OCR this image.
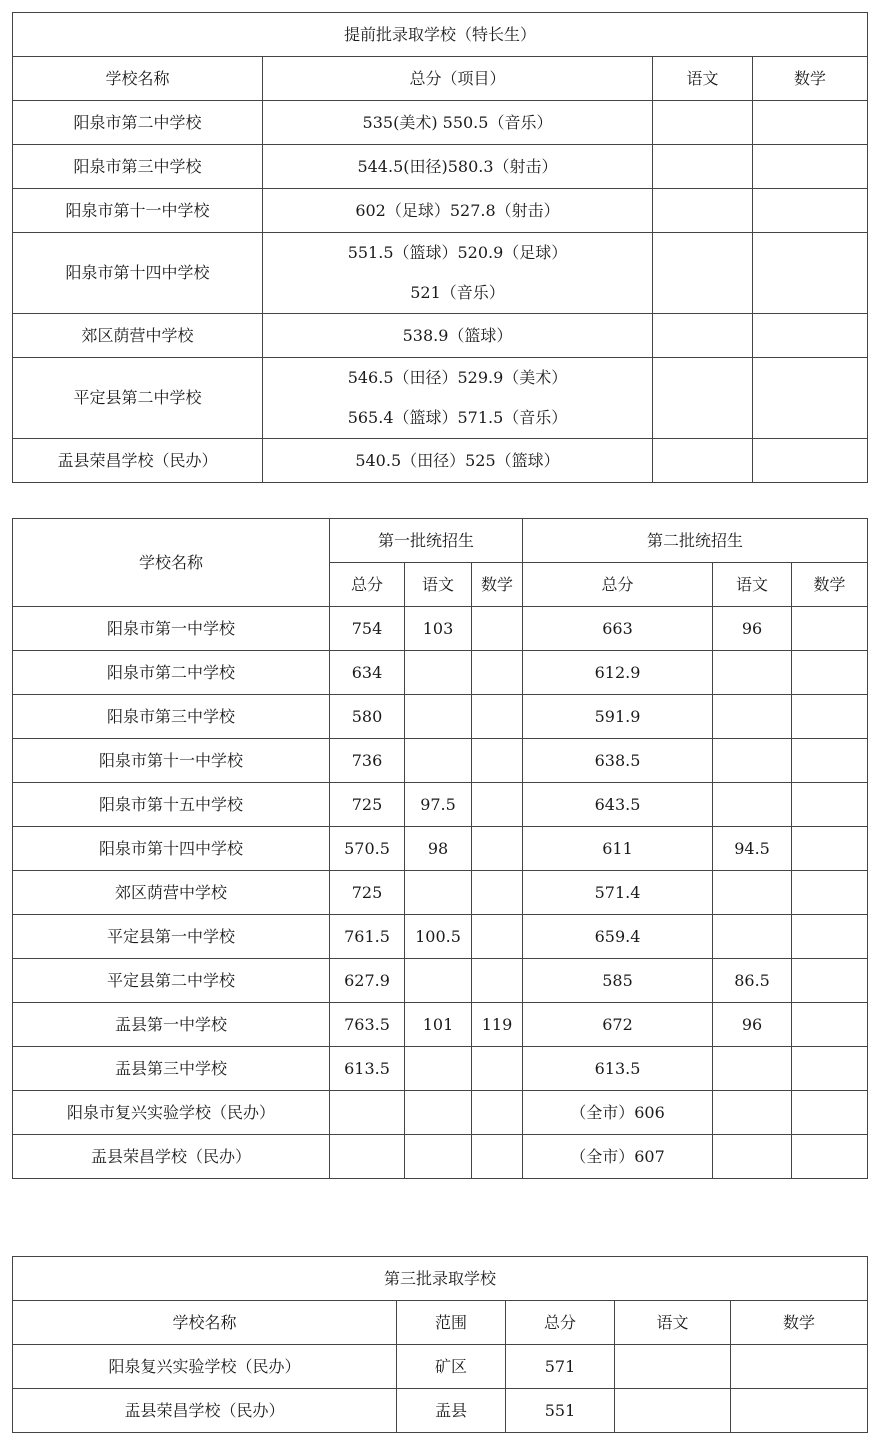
提前批录取学校（特长生）			
学校名称	总分（项目）	语文	数学
阳泉市第二中学校	535(美术) 550.5（音乐）		
阳泉市第三中学校	544.5(田径)580.3（射击）		
阳泉市第十一中学校	602（足球）527.8（射击）		
阳泉市第十四中学校	551.5（篮球）520.9（足球）
521（音乐）		

郊区荫营中学校	538.9（篮球）		
平定县第二中学校	546.5（田径）529.9（美术）
565.4（篮球）571.5（音乐）		

盂县荣昌学校（民办）	540.5（田径）525（篮球）		
学校名称	第一批统招生			第二批统招生		
	总分	语文	数学	总分	语文	数学
阳泉市第一中学校	754	103		663	96	
阳泉市第二中学校	634			612.9		
阳泉市第三中学校	580			591.9		
阳泉市第十一中学校	736			638.5		
阳泉市第十五中学校	725	97.5		643.5		
阳泉市第十四中学校	570.5	98		611	94.5	
郊区荫营中学校	725			571.4		
平定县第一中学校	761.5	100.5		659.4		
平定县第二中学校	627.9			585	86.5	
盂县第一中学校	763.5	101	119	672	96	
盂县第三中学校	613.5			613.5		
阳泉市复兴实验学校（民办）				（全市）606		
盂县荣昌学校（民办）				（全市）607		
第三批录取学校				
学校名称	范围	总分	语文	数学
阳泉复兴实验学校（民办）	矿区	571		
盂县荣昌学校（民办）	盂县	551		
